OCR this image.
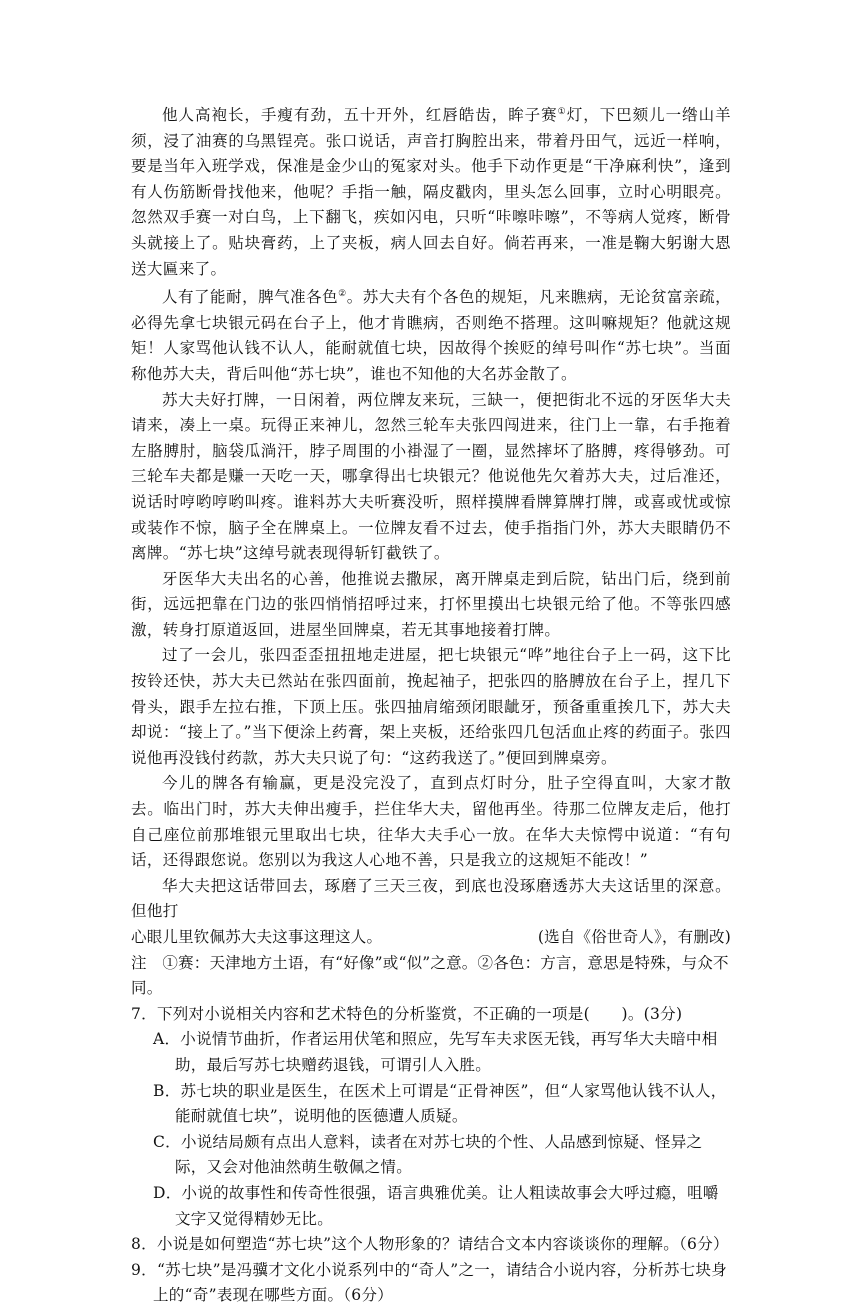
他人高袍长，手瘦有劲，五十开外，红唇皓齿，眸子赛①灯，下巴颏儿一绺山羊须，浸了油赛的乌黑锃亮。张口说话，声音打胸腔出来，带着丹田气，远近一样响，要是当年入班学戏，保准是金少山的冤家对头。他手下动作更是“干净麻利快”，逢到有人伤筋断骨找他来，他呢？手指一触，隔皮戳肉，里头怎么回事，立时心明眼亮。忽然双手赛一对白鸟，上下翻飞，疾如闪电，只听“咔嚓咔嚓”，不等病人觉疼，断骨头就接上了。贴块膏药，上了夹板，病人回去自好。倘若再来，一准是鞠大躬谢大恩送大匾来了。

人有了能耐，脾气准各色②。苏大夫有个各色的规矩，凡来瞧病，无论贫富亲疏，必得先拿七块银元码在台子上，他才肯瞧病，否则绝不搭理。这叫嘛规矩？他就这规矩！人家骂他认钱不认人，能耐就值七块，因故得个挨贬的绰号叫作“苏七块”。当面称他苏大夫，背后叫他“苏七块”，谁也不知他的大名苏金散了。

苏大夫好打牌，一日闲着，两位牌友来玩，三缺一，便把街北不远的牙医华大夫请来，凑上一桌。玩得正来神儿，忽然三轮车夫张四闯进来，往门上一靠，右手拖着左胳膊肘，脑袋瓜淌汗，脖子周围的小褂湿了一圈，显然摔坏了胳膊，疼得够劲。可三轮车夫都是赚一天吃一天，哪拿得出七块银元？他说他先欠着苏大夫，过后准还，说话时哼哟哼哟叫疼。谁料苏大夫听赛没听，照样摸牌看牌算牌打牌，或喜或忧或惊或装作不惊，脑子全在牌桌上。一位牌友看不过去，使手指指门外，苏大夫眼睛仍不离牌。“苏七块”这绰号就表现得斩钉截铁了。

牙医华大夫出名的心善，他推说去撒尿，离开牌桌走到后院，钻出门后，绕到前街，远远把靠在门边的张四悄悄招呼过来，打怀里摸出七块银元给了他。不等张四感激，转身打原道返回，进屋坐回牌桌，若无其事地接着打牌。

过了一会儿，张四歪歪扭扭地走进屋，把七块银元“哗”地往台子上一码，这下比按铃还快，苏大夫已然站在张四面前，挽起袖子，把张四的胳膊放在台子上，捏几下骨头，跟手左拉右推，下顶上压。张四抽肩缩颈闭眼龇牙，预备重重挨几下，苏大夫却说：“接上了。”当下便涂上药膏，架上夹板，还给张四几包活血止疼的药面子。张四说他再没钱付药款，苏大夫只说了句：“这药我送了。”便回到牌桌旁。

今儿的牌各有输赢，更是没完没了，直到点灯时分，肚子空得直叫，大家才散去。临出门时，苏大夫伸出瘦手，拦住华大夫，留他再坐。待那二位牌友走后，他打自己座位前那堆银元里取出七块，往华大夫手心一放。在华大夫惊愕中说道：“有句话，还得跟您说。您别以为我这人心地不善，只是我立的这规矩不能改！”

华大夫把这话带回去，琢磨了三天三夜，到底也没琢磨透苏大夫这话里的深意。但他打

心眼儿里钦佩苏大夫这事这理这人。	(选自《俗世奇人》，有删改)

注　①赛：天津地方土语，有“好像”或“似”之意。②各色：方言，意思是特殊，与众不同。

7．下列对小说相关内容和艺术特色的分析鉴赏，不正确的一项是(　　)。(3分)

A．小说情节曲折，作者运用伏笔和照应，先写车夫求医无钱，再写华大夫暗中相助，最后写苏七块赠药退钱，可谓引人入胜。

B．苏七块的职业是医生，在医术上可谓是“正骨神医”，但“人家骂他认钱不认人，能耐就值七块”，说明他的医德遭人质疑。

C．小说结局颇有点出人意料，读者在对苏七块的个性、人品感到惊疑、怪异之际，又会对他油然萌生敬佩之情。

D．小说的故事性和传奇性很强，语言典雅优美。让人粗读故事会大呼过瘾，咀嚼文字又觉得精妙无比。

8．小说是如何塑造“苏七块”这个人物形象的？请结合文本内容谈谈你的理解。（6分）

9．“苏七块”是冯骥才文化小说系列中的“奇人”之一，请结合小说内容，分析苏七块身上的“奇”表现在哪些方面。（6分）
